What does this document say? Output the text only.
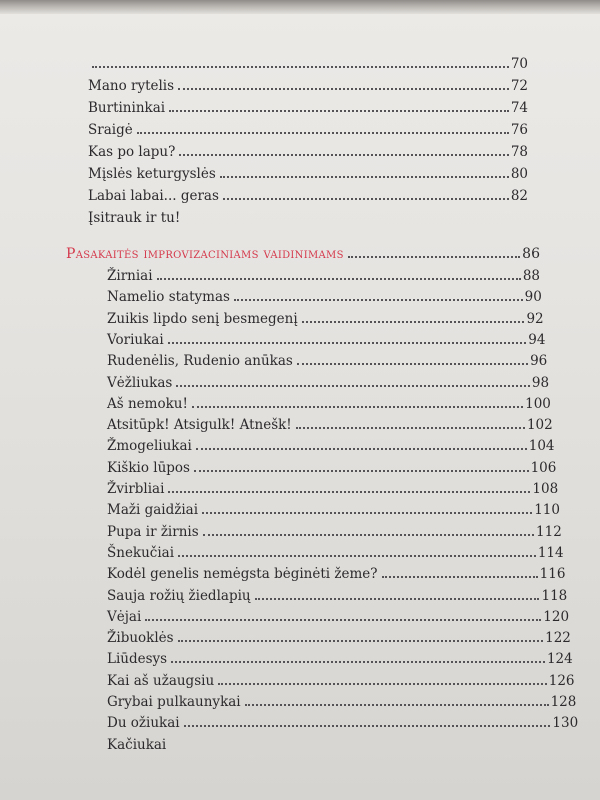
70
Mano rytelis	72
Burtininkai	74
Sraigė	76
Kas po lapu?	78
Mįslės keturgyslės	80
Labai labai... geras	82
Įsitrauk ir tu!
Pasakaitės improvizaciniams vaidinimams	86
Žirniai	88
Namelio statymas	90
Zuikis lipdo senį besmegenį	92
Voriukai	94
Rudenėlis, Rudenio anūkas	96
Vėžliukas	98
Aš nemoku!	100
Atsitūpk! Atsigulk! Atnešk!	102
Žmogeliukai	104
Kiškio lūpos	106
Žvirbliai	108
Maži gaidžiai	110
Pupa ir žirnis	112
Šnekučiai	114
Kodėl genelis nemėgsta bėginėti žeme?	116
Sauja rožių žiedlapių	118
Vėjai	120
Žibuoklės	122
Liūdesys	124
Kai aš užaugsiu	126
Grybai pulkaunykai	128
Du ožiukai	130
Kačiukai
